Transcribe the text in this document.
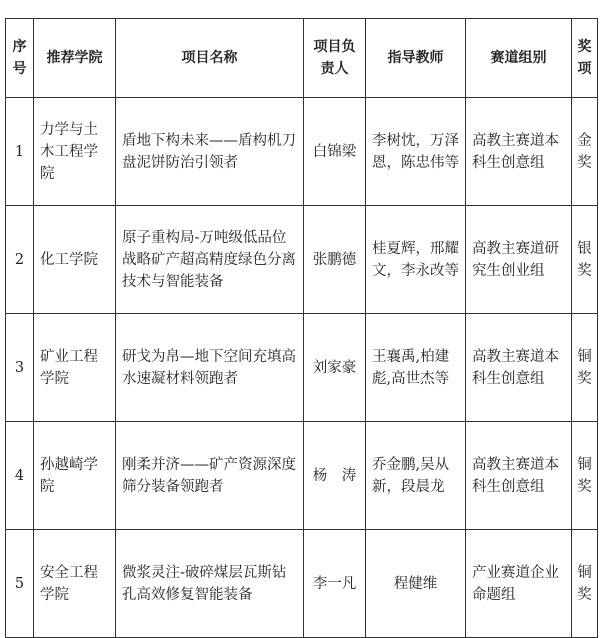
序号	推荐学院	项目名称	项目负责人	指导教师	赛道组别	奖项
1	力学与土木工程学院	盾地下构未来——盾构机刀盘泥饼防治引领者	白锦梁	李树忱，万泽恩，陈忠伟等	高教主赛道本科生创意组	金奖
2	化工学院	原子重构局-万吨级低品位战略矿产超高精度绿色分离技术与智能装备	张鹏德	桂夏辉，邢耀文，李永改等	高教主赛道研究生创业组	银奖
3	矿业工程学院	研戈为帛—地下空间充填高水速凝材料领跑者	刘家豪	王襄禹,柏建彪,高世杰等	高教主赛道本科生创意组	铜奖
4	孙越崎学院	刚柔并济——矿产资源深度筛分装备领跑者	杨　涛	乔金鹏,吴从新，段晨龙	高教主赛道本科生创意组	铜奖
5	安全工程学院	微浆灵注-破碎煤层瓦斯钻孔高效修复智能装备	李一凡	程健维	产业赛道企业命题组	铜奖
